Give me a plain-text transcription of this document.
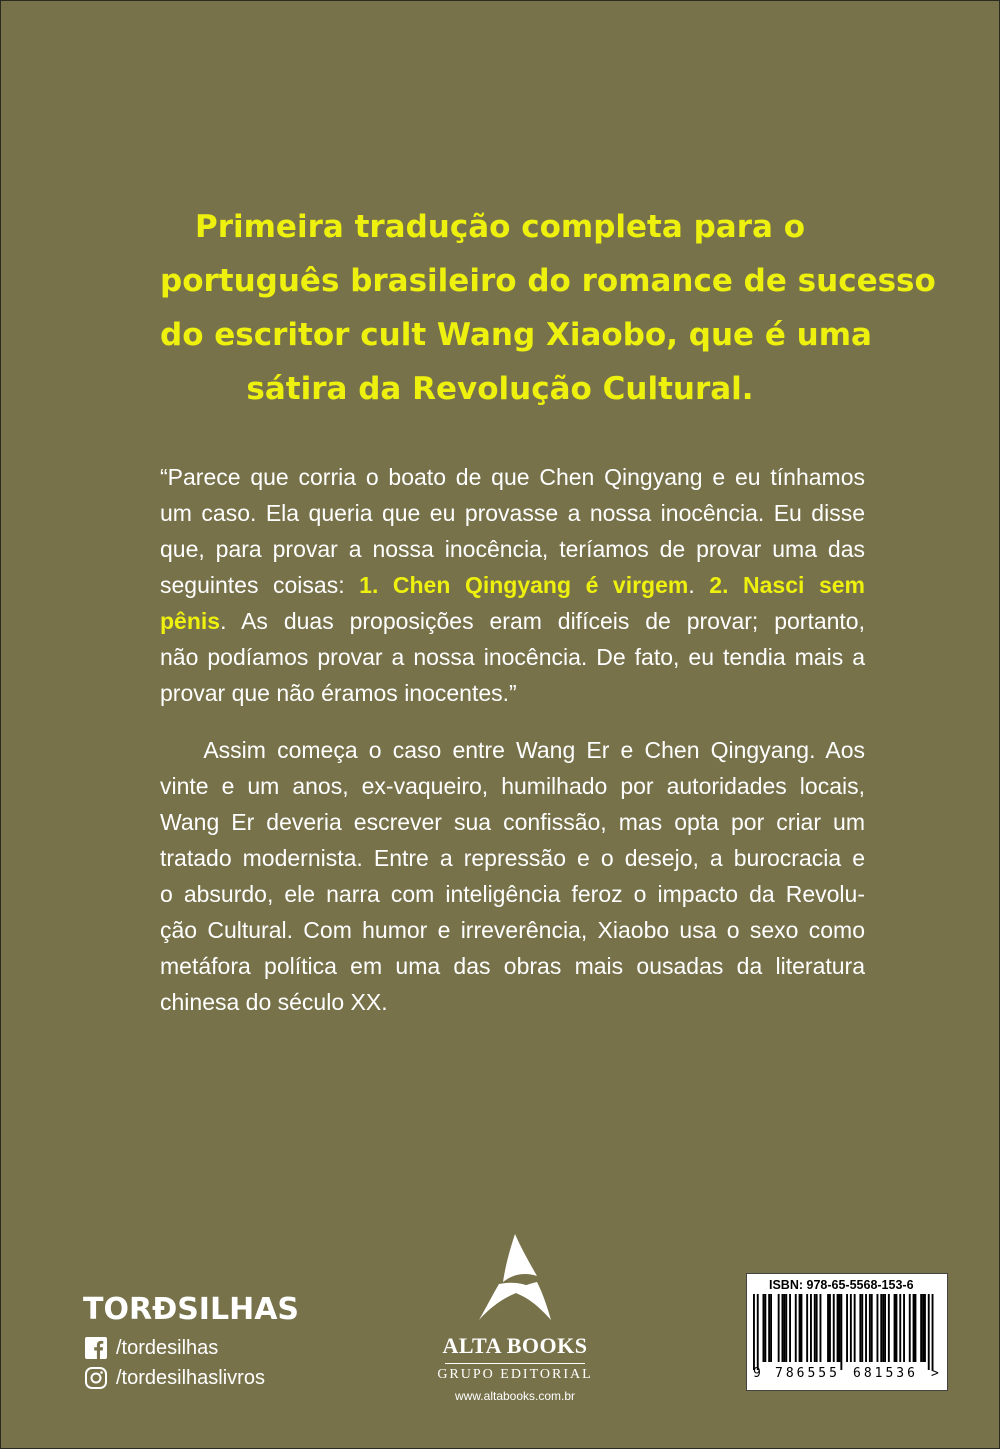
Primeira tradução completa para o
português brasileiro do romance de sucesso
do escritor cult Wang Xiaobo, que é uma
sátira da Revolução Cultural.
“Parece que corria o boato de que Chen Qingyang e eu tínhamos
um caso. Ela queria que eu provasse a nossa inocência. Eu disse
que, para provar a nossa inocência, teríamos de provar uma das
seguintes coisas: 1. Chen Qingyang é virgem. 2. Nasci sem
pênis. As duas proposições eram difíceis de provar; portanto,
não podíamos provar a nossa inocência. De fato, eu tendia mais a
provar que não éramos inocentes.”
Assim começa o caso entre Wang Er e Chen Qingyang. Aos
vinte e um anos, ex-vaqueiro, humilhado por autoridades locais,
Wang Er deveria escrever sua confissão, mas opta por criar um
tratado modernista. Entre a repressão e o desejo, a burocracia e
o absurdo, ele narra com inteligência feroz o impacto da Revolu-
ção Cultural. Com humor e irreverência, Xiaobo usa o sexo como
metáfora política em uma das obras mais ousadas da literatura
chinesa do século XX.
TORÐSILHAS
/tordesilhas
/tordesilhaslivros
ALTA BOOKS
GRUPO EDITORIAL
www.altabooks.com.br
ISBN: 978-65-5568-153-6
9 786555 681536 >
